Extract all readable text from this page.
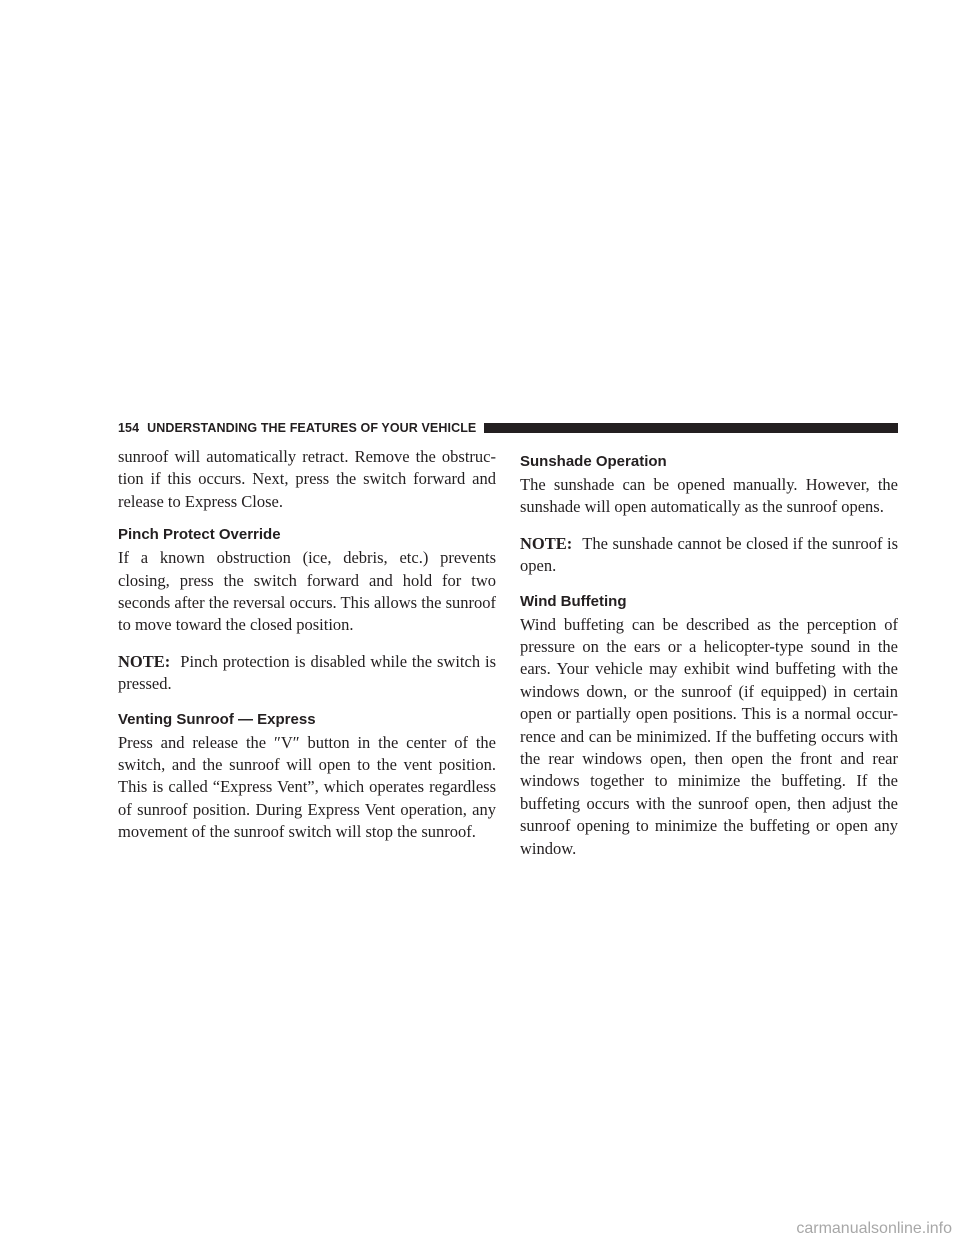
154 UNDERSTANDING THE FEATURES OF YOUR VEHICLE

sunroof will automatically retract. Remove the obstruc- tion if this occurs. Next, press the switch forward and release to Express Close.

Pinch Protect Override

If a known obstruction (ice, debris, etc.) prevents closing, press the switch forward and hold for two seconds after the reversal occurs. This allows the sunroof to move toward the closed position.

NOTE: Pinch protection is disabled while the switch is pressed.

Venting Sunroof — Express

Press and release the ″V″ button in the center of the switch, and the sunroof will open to the vent position. This is called “Express Vent”, which operates regardless of sunroof position. During Express Vent operation, any movement of the sunroof switch will stop the sunroof.

Sunshade Operation

The sunshade can be opened manually. However, the sunshade will open automatically as the sunroof opens.

NOTE: The sunshade cannot be closed if the sunroof is open.

Wind Buffeting

Wind buffeting can be described as the perception of pressure on the ears or a helicopter-type sound in the ears. Your vehicle may exhibit wind buffeting with the windows down, or the sunroof (if equipped) in certain open or partially open positions. This is a normal occur- rence and can be minimized. If the buffeting occurs with the rear windows open, then open the front and rear windows together to minimize the buffeting. If the buffeting occurs with the sunroof open, then adjust the sunroof opening to minimize the buffeting or open any window.

carmanualsonline.info
